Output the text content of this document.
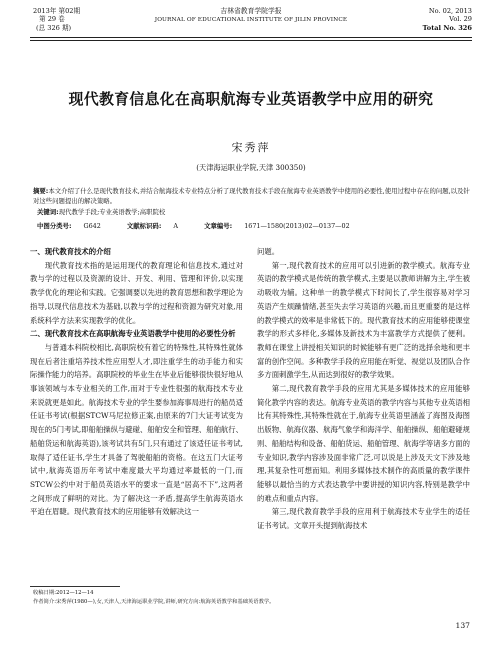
2013年 第02期
第 29 卷
(总 326 期)
吉林省教育学院学报
JOURNAL OF EDUCATIONAL INSTITUTE OF JILIN PROVINCE
No. 02, 2013
Vol. 29
Total No. 326
现代教育信息化在高职航海专业英语教学中应用的研究
宋秀萍
(天津海运职业学院,天津 300350)
摘要:本文介绍了什么是现代教育技术,并结合航海技术专业特点分析了现代教育技术手段在航海专业英语教学中使用的必要性,使用过程中存在的问题,以及针对这些问题提出的解决策略。
关键词:现代教学手段;专业英语教学;高职院校
中图分类号: G642	文献标识码: A	文章编号: 1671—1580(2013)02—0137—02
一、现代教育技术的介绍

现代教育技术指的是运用现代的教育理论和信息技术,通过对教与学的过程以及资源的设计、开发、利用、管理和评价,以实现教学优化的理论和实践。它强调要以先进的教育思想和教学理论为指导,以现代信息技术为基础,以教与学的过程和资源为研究对象,用系统科学方法来实现教学的优化。

二、现代教育技术在高职航海专业英语教学中使用的必要性分析

与普通本科院校相比,高职院校有着它的特殊性,其特殊性就体现在后者注重培养技术性应用型人才,即注重学生的动手能力和实际操作能力的培养。高职院校的毕业生在毕业后能够很快很好地从事该领域与本专业相关的工作,而对于专业性很强的航海技术专业来说就更是如此。航海技术专业的学生要参加海事局进行的船员适任证书考试(根据STCW马尼拉修正案,由原来的7门大证考试变为现在的5门考试,即船舶操纵与避碰、船舶安全和管理、船舶航行、船舶货运和航海英语),该考试共有5门,只有通过了该适任证书考试,取得了适任证书,学生才具备了驾驶船舶的资格。在这五门大证考试中,航海英语历年考试中难度最大平均通过率最低的一门,而STCW公约中对于船员英语水平的要求一直是“居高不下”,这两者之间形成了鲜明的对比。为了解决这一矛盾,提高学生航海英语水平迫在眉睫。现代教育技术的应用能够有效解决这一

问题。

第一,现代教育技术的应用可以引进新的教学模式。航海专业英语的教学模式是传统的教学模式,主要是以教师讲解为主,学生被动吸收为辅。这种单一的教学模式下时间长了,学生很容易对学习英语产生烦躁情绪,甚至失去学习英语的兴趣,而且更重要的是这样的教学模式的效率是非常低下的。现代教育技术的应用能够使课堂教学的形式多样化,多媒体及新技术为丰富教学方式提供了便利。教师在课堂上讲授相关知识的时候能够有更广泛的选择余地和更丰富的创作空间。多种教学手段的应用能在听觉、视觉以及团队合作多方面刺激学生,从而达到很好的教学效果。

第二,现代教育教学手段的应用尤其是多媒体技术的应用能够简化教学内容的表达。航海专业英语的教学内容与其他专业英语相比有其特殊性,其特殊性就在于,航海专业英语里涵盖了海图及海图出版物、航海仪器、航海气象学和海洋学、船舶操纵、船舶避碰规则、船舶结构和设备、船舶货运、船舶管理、航海学等诸多方面的专业知识,教学内容涉及面非常广泛,可以说是上涉及天文下涉及地理,其复杂性可想而知。利用多媒体技术制作的高质量的教学课件能够以最恰当的方式表达教学中要讲授的知识内容,特别是教学中的难点和重点内容。

第三,现代教育教学手段的应用利于航海技术专业学生的适任证书考试。文章开头提到航海技术

收稿日期:2012—12—14
作者简介:宋秀萍(1980—),女,天津人,天津海运职业学院,讲师,研究方向:航海英语教学和基础英语教学。
137
